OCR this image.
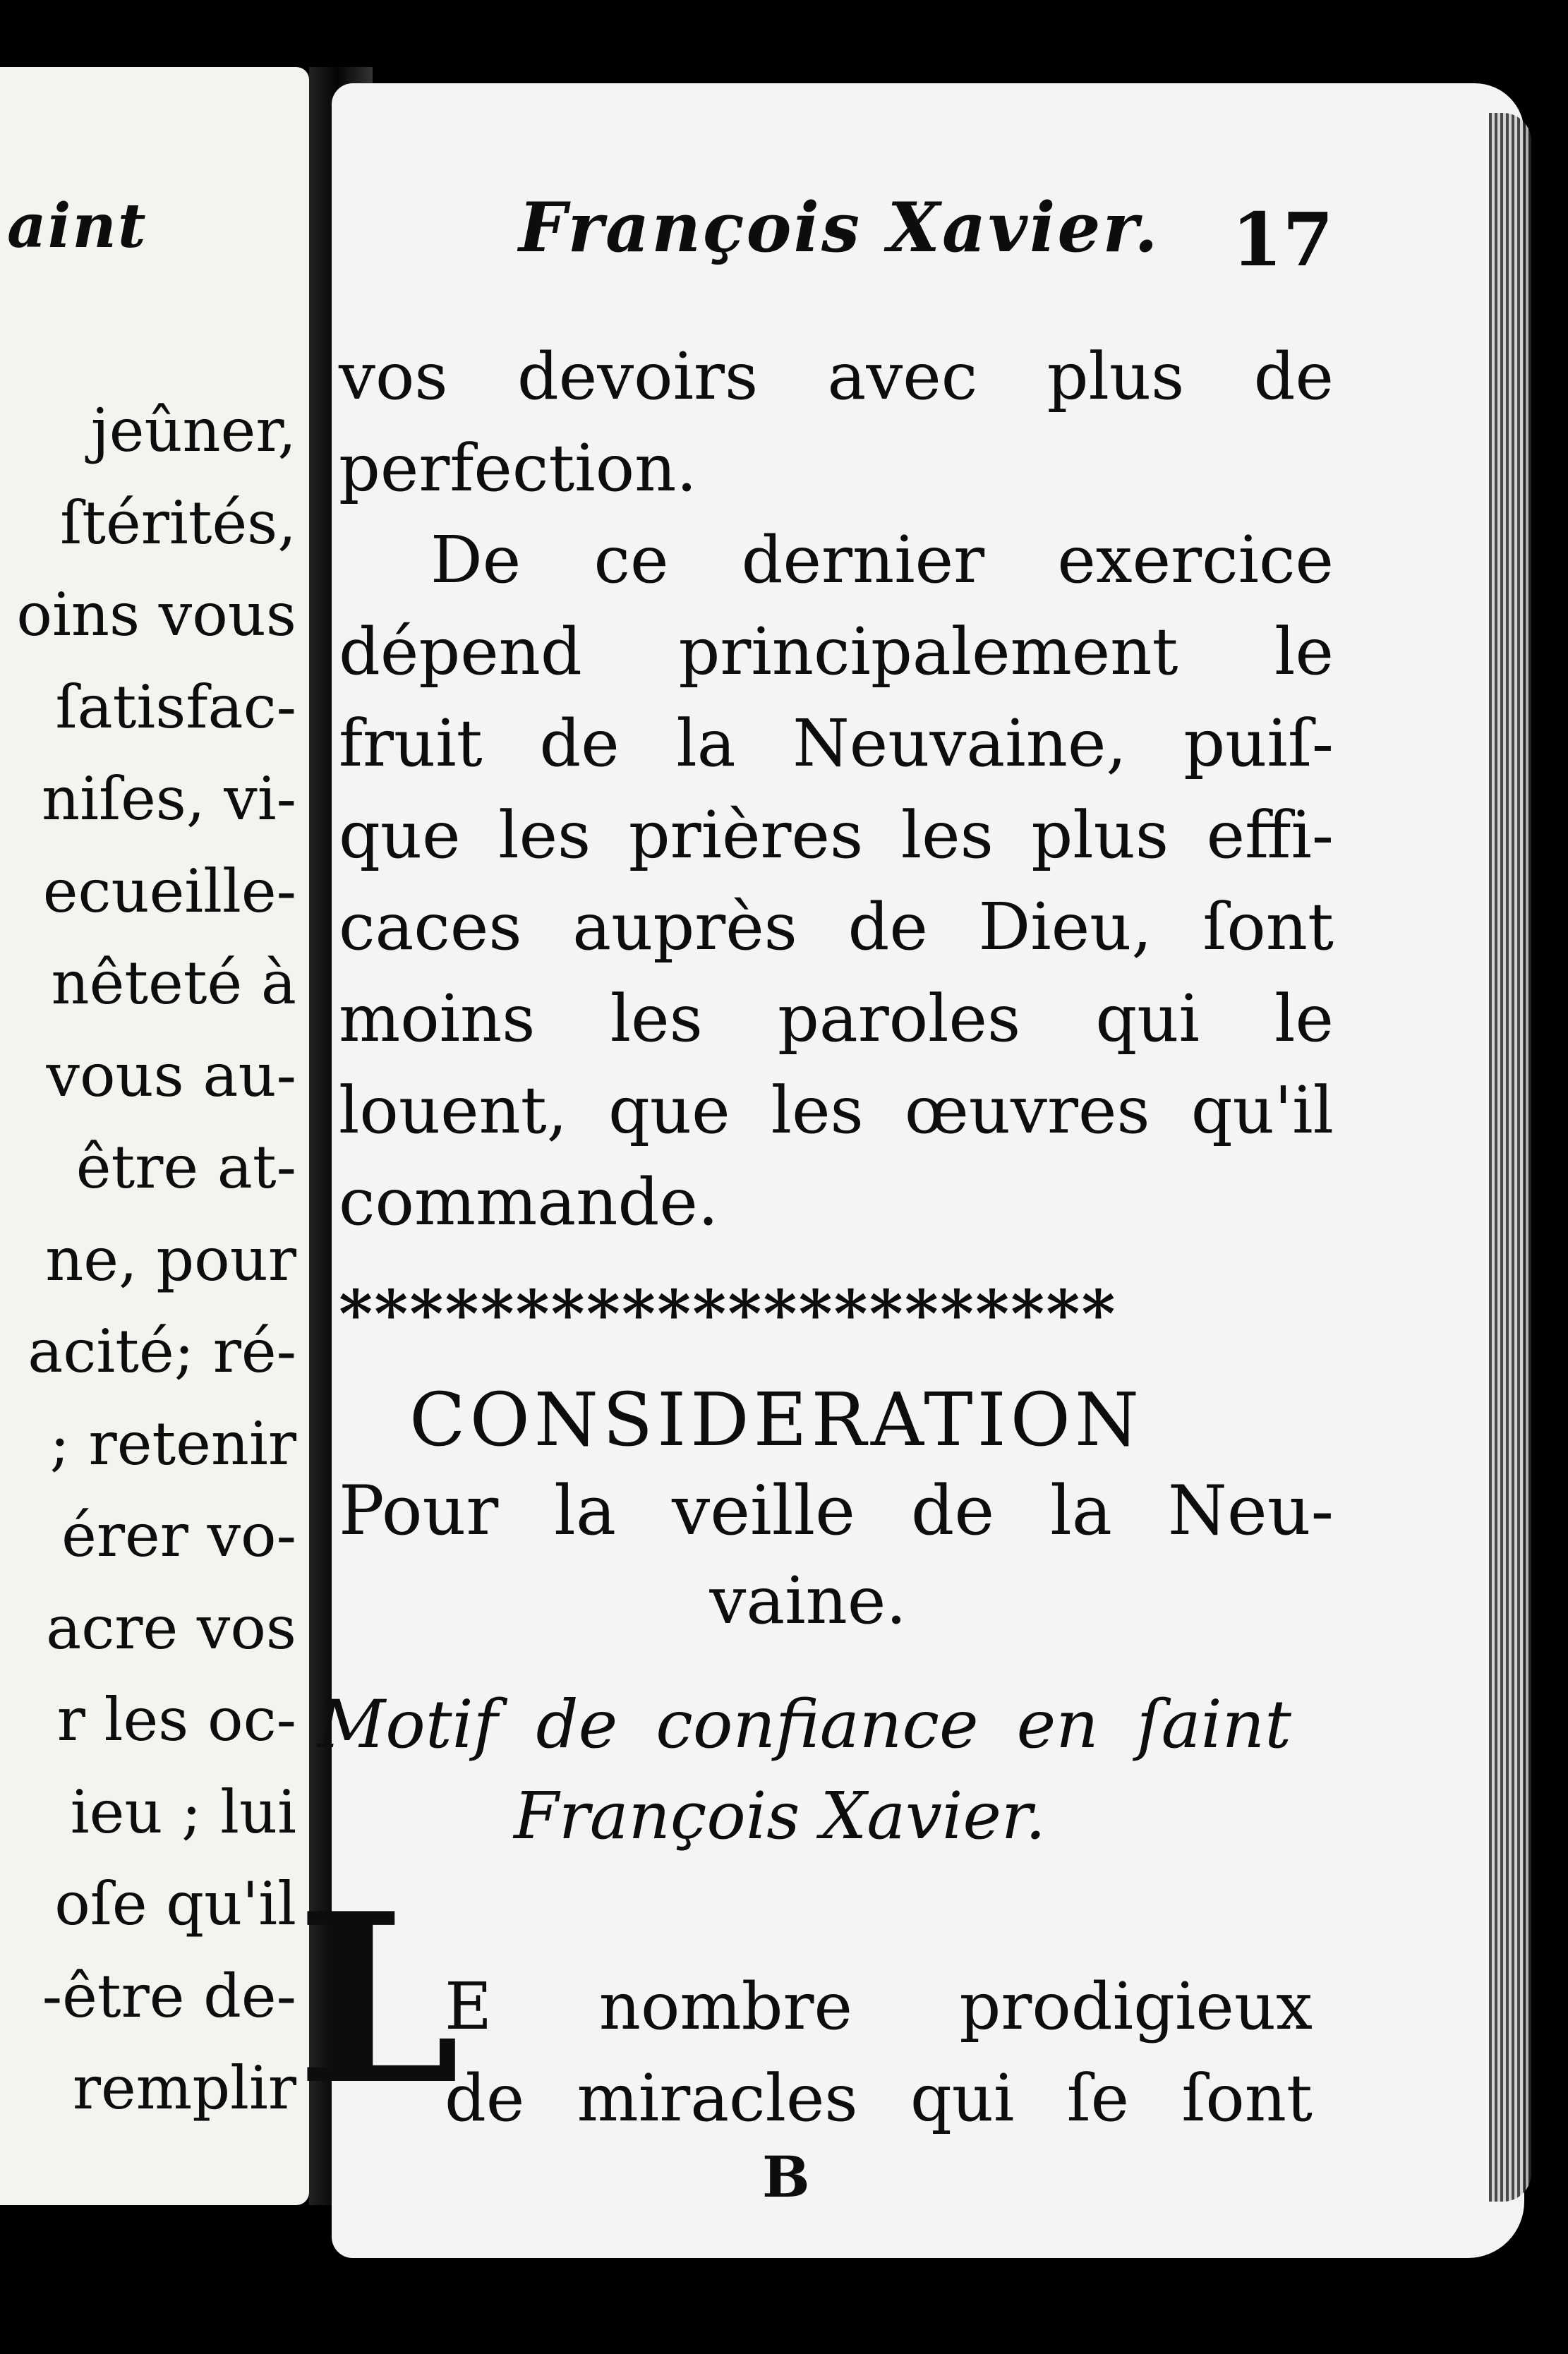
aint
jeûner,
ſtérités,
oins vous
ſatisfac-
niſes, vi-
ecueille-
nêteté à
vous au-
être at-
ne, pour
acité; ré-
; retenir
érer vo-
acre vos
r les oc-
ieu ; lui
oſe qu'il
-être de-
remplir
François Xavier. 17
vos devoirs avec plus de
perfection.
De ce dernier exercice
dépend principalement le
fruit de la Neuvaine, puiſ-
que les prières les plus effi-
caces auprès de Dieu, ſont
moins les paroles qui le
louent, que les œuvres qu'il
commande.
**********************
CONSIDERATION
Pour la veille de la Neu-
vaine.
Motif de confiance en ſaint
François Xavier.
L
E nombre prodigieux
de miracles qui ſe ſont
B
